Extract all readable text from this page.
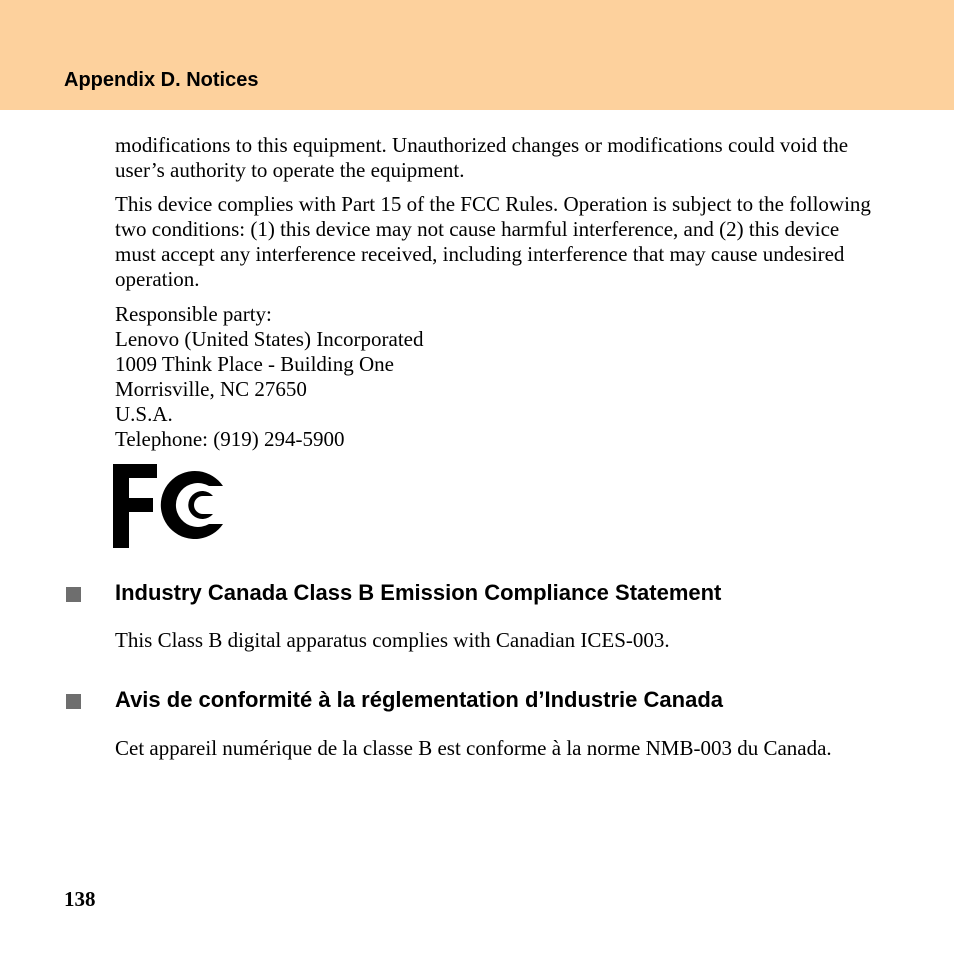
Appendix D. Notices

modifications to this equipment. Unauthorized changes or modifications could void the user’s authority to operate the equipment.

This device complies with Part 15 of the FCC Rules. Operation is subject to the following two conditions: (1) this device may not cause harmful interference, and (2) this device must accept any interference received, including interference that may cause undesired operation.

Responsible party:
Lenovo (United States) Incorporated
1009 Think Place - Building One
Morrisville, NC 27650
U.S.A.
Telephone: (919) 294-5900
Industry Canada Class B Emission Compliance Statement

This Class B digital apparatus complies with Canadian ICES-003.

Avis de conformité à la réglementation d’Industrie Canada

Cet appareil numérique de la classe B est conforme à la norme NMB-003 du Canada.

138
